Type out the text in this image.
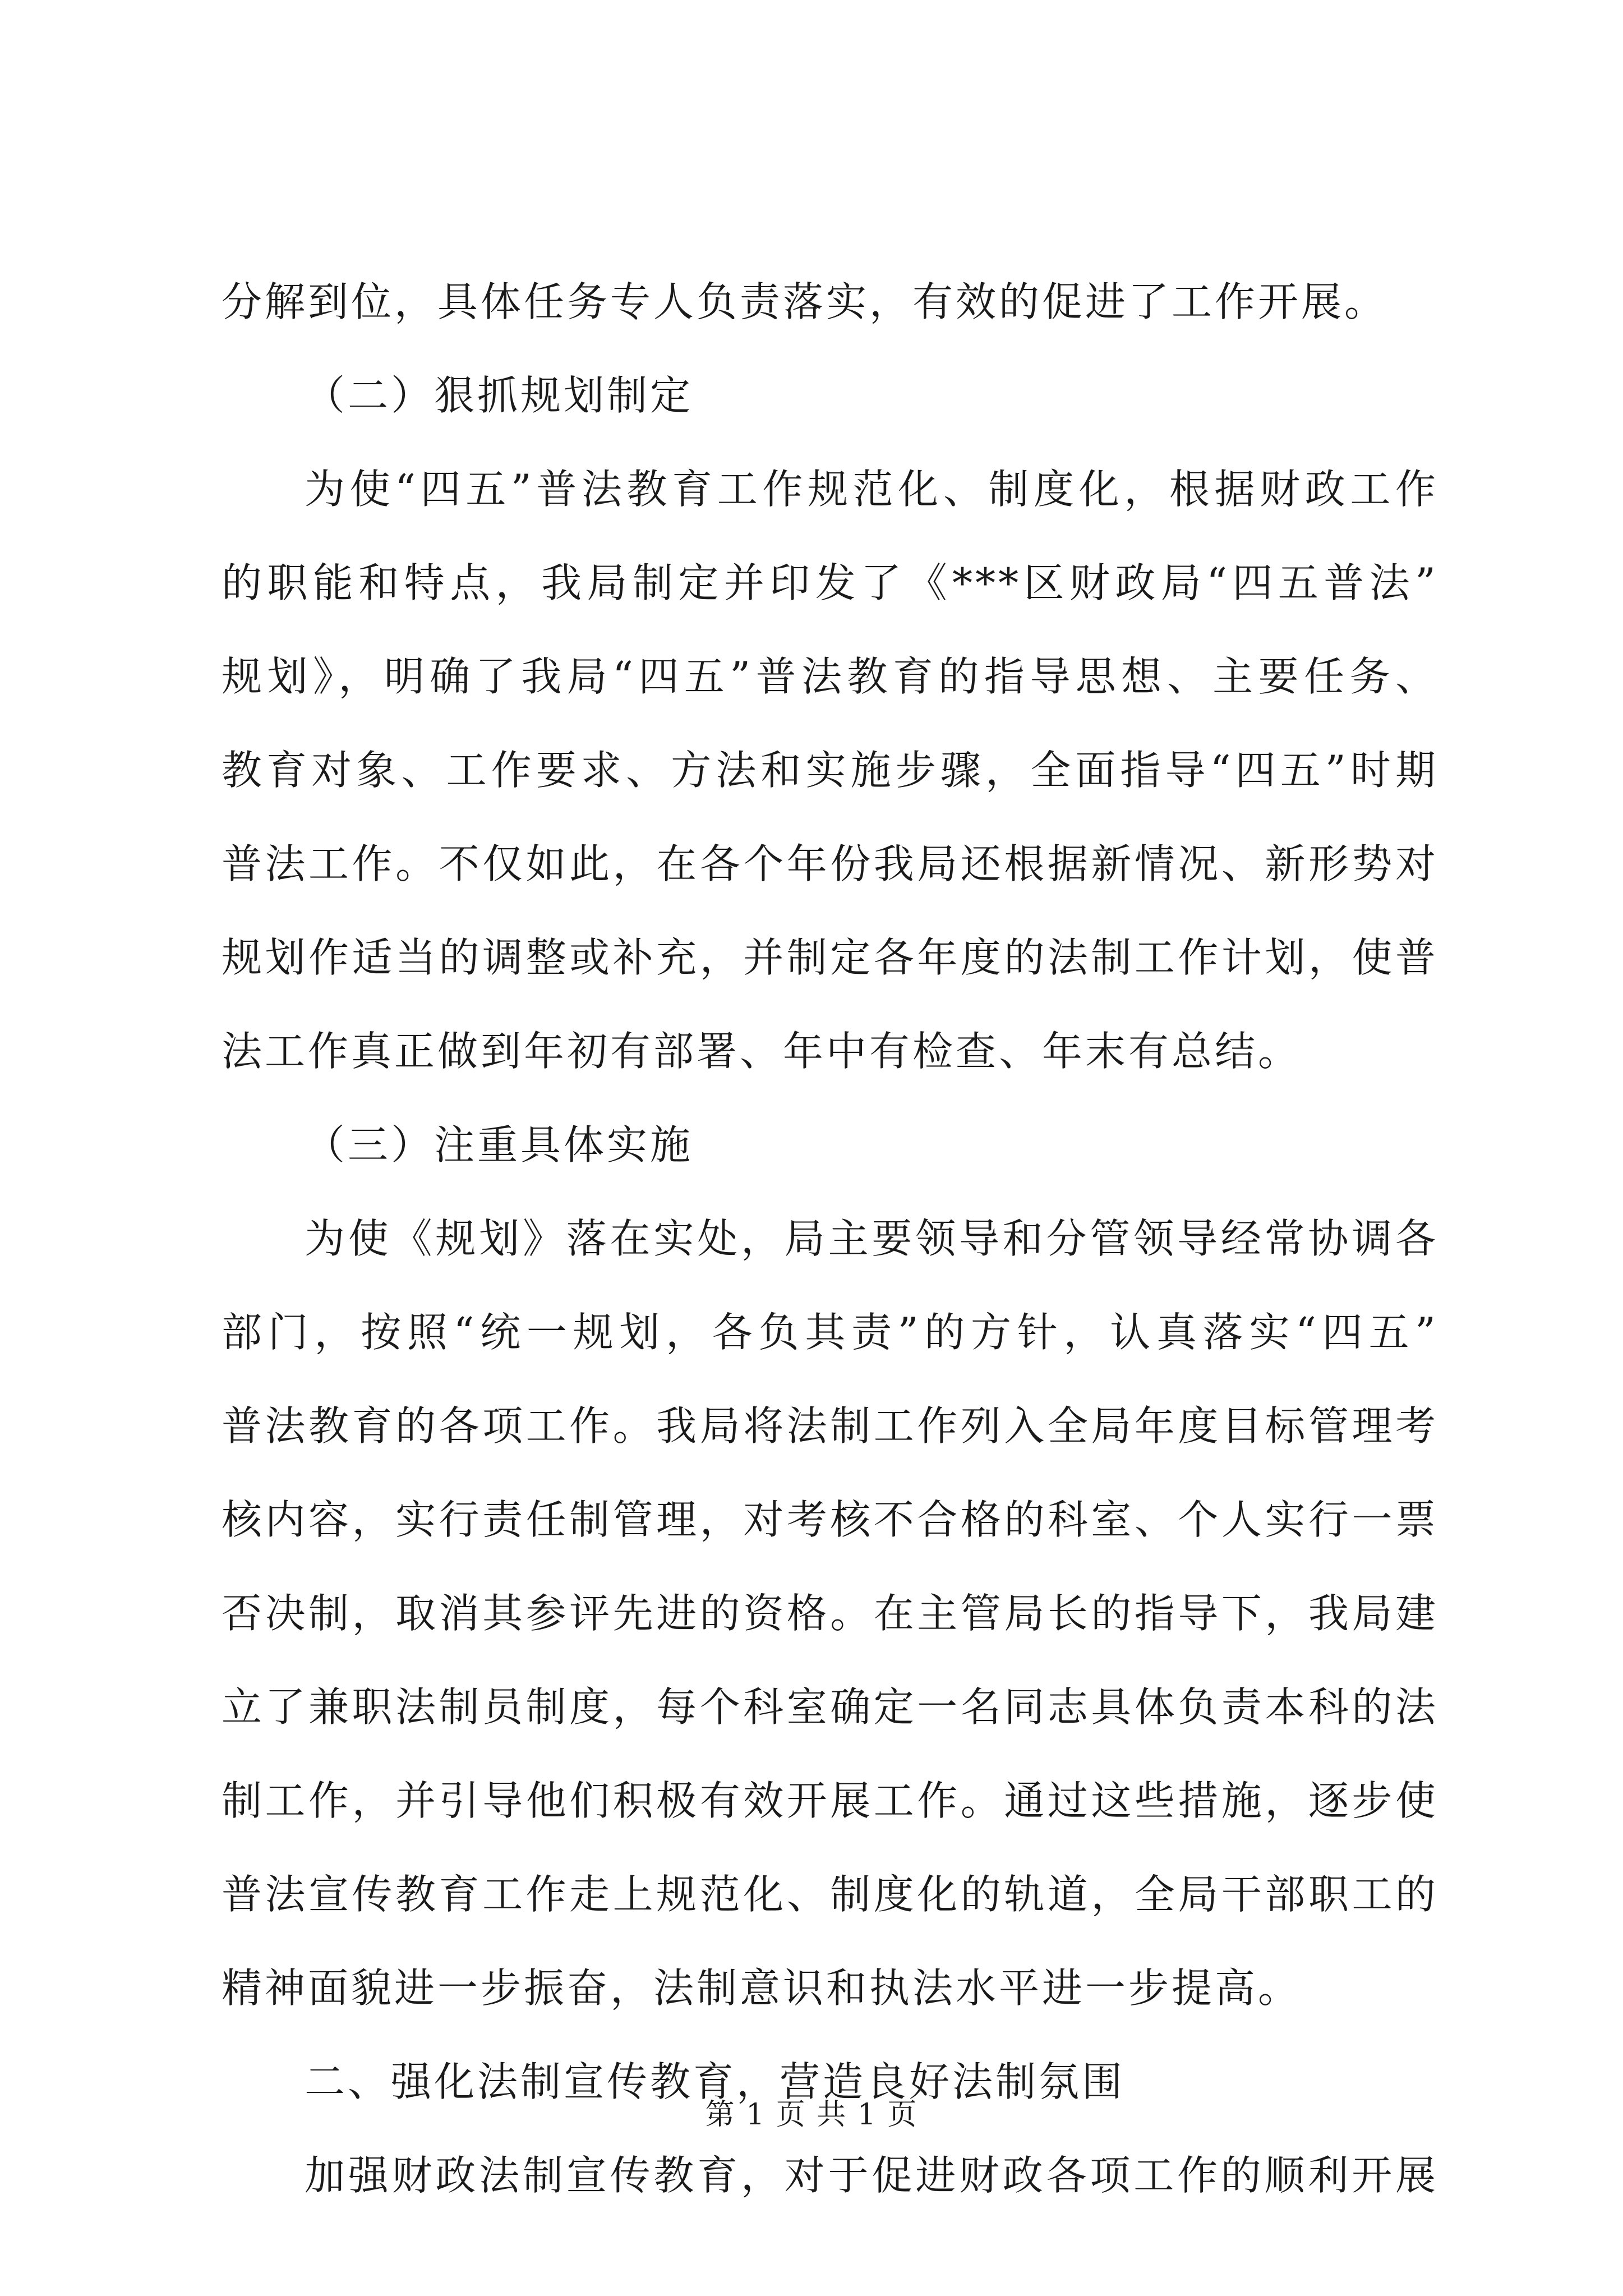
分解到位，具体任务专人负责落实，有效的促进了工作开展。
（二）狠抓规划制定
为使“四五”普法教育工作规范化、制度化，根据财政工作
的职能和特点，我局制定并印发了《***区财政局“四五普法”
规划》，明确了我局“四五”普法教育的指导思想、主要任务、
教育对象、工作要求、方法和实施步骤，全面指导“四五”时期
普法工作。不仅如此，在各个年份我局还根据新情况、新形势对
规划作适当的调整或补充，并制定各年度的法制工作计划，使普
法工作真正做到年初有部署、年中有检查、年末有总结。
（三）注重具体实施
为使《规划》落在实处，局主要领导和分管领导经常协调各
部门，按照“统一规划，各负其责”的方针，认真落实“四五”
普法教育的各项工作。我局将法制工作列入全局年度目标管理考
核内容，实行责任制管理，对考核不合格的科室、个人实行一票
否决制，取消其参评先进的资格。在主管局长的指导下，我局建
立了兼职法制员制度，每个科室确定一名同志具体负责本科的法
制工作，并引导他们积极有效开展工作。通过这些措施，逐步使
普法宣传教育工作走上规范化、制度化的轨道，全局干部职工的
精神面貌进一步振奋，法制意识和执法水平进一步提高。
二、强化法制宣传教育，营造良好法制氛围
加强财政法制宣传教育，对于促进财政各项工作的顺利开展
第 1 页 共 1 页
